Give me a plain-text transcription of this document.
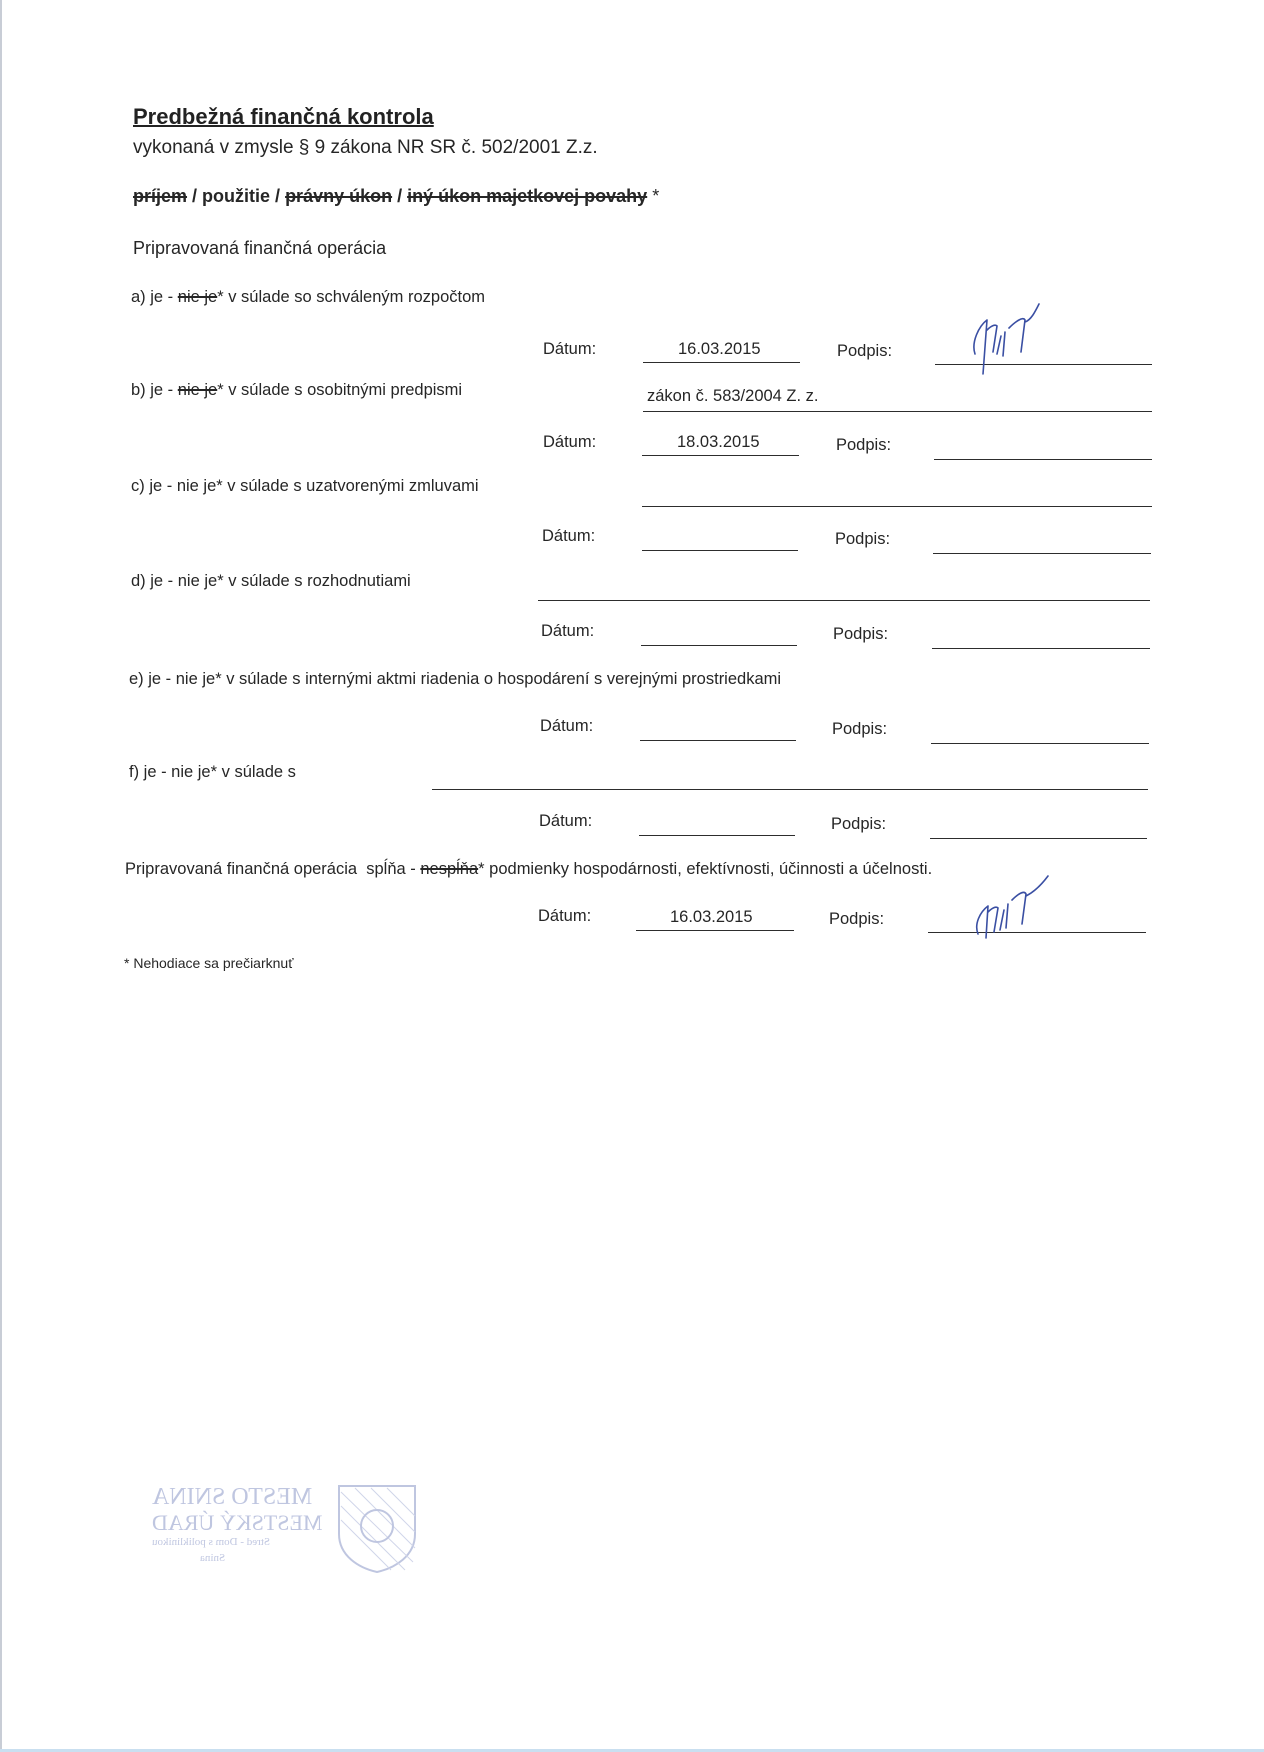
Predbežná finančná kontrola
vykonaná v zmysle § 9 zákona NR SR č. 502/2001 Z.z.
príjem / použitie / právny úkon / iný úkon majetkovej povahy *
Pripravovaná finančná operácia
a) je - nie je* v súlade so schváleným rozpočtom
Dátum:	16.03.2015	Podpis:
b) je - nie je* v súlade s osobitnými predpismi	zákon č. 583/2004 Z. z.
Dátum:	18.03.2015	Podpis:
c) je - nie je* v súlade s uzatvorenými zmluvami
Dátum:	Podpis:
d) je - nie je* v súlade s rozhodnutiami
Dátum:	Podpis:
e) je - nie je* v súlade s internými aktmi riadenia o hospodárení s verejnými prostriedkami
Dátum:	Podpis:
f) je - nie je* v súlade s
Dátum:	Podpis:
Pripravovaná finančná operácia  spĺňa - nespĺňa* podmienky hospodárnosti, efektívnosti, účinnosti a účelnosti.
Dátum:	16.03.2015	Podpis:
* Nehodiace sa prečiarknuť
MESTO SNINA
MESTSKÝ ÚRAD
Stred - Dom s poliklinikou
Snina
